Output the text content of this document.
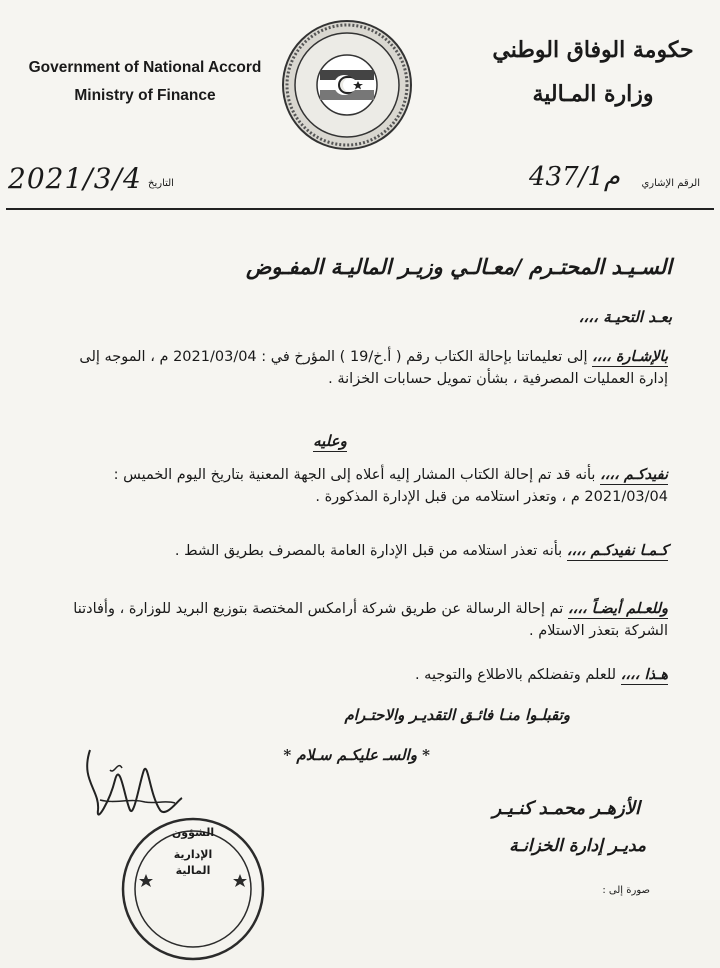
Government of National Accord
Ministry of Finance
حكومة الوفاق الوطني
وزارة المـالية
2021/3/4 التاريخ	الرقم الإشاري
437/1م
السـيـد المحتـرم /معـالـي وزيـر الماليـة المفـوض
بعـد التحيـة ،،،،
بالإشـارة ،،،، إلى تعليماتنا بإحالة الكتاب رقم ( أ.خ/19 ) المؤرخ في : 2021/03/04 م ، الموجه إلى إدارة العمليات المصرفية ، بشأن تمويل حسابات الخزانة .
وعليه
نفيدكـم ،،،، بأنه قد تم إحالة الكتاب المشار إليه أعلاه إلى الجهة المعنية بتاريخ اليوم الخميس : 2021/03/04 م ، وتعذر استلامه من قبل الإدارة المذكورة .
كـمـا نفيدكـم ،،،، بأنه تعذر استلامه من قبل الإدارة العامة بالمصرف بطريق الشط .
وللعـلم أيضـاً ،،،، تم إحالة الرسالة عن طريق شركة أرامكس المختصة بتوزيع البريد للوزارة ، وأفادتنا الشركة بتعذر الاستلام .
هـذا ،،،، للعلم وتفضلكم بالاطلاع والتوجيه .
وتقبلـوا منـا فائـق التقديـر والاحتـرام
* والسـ عليكـم سـلام *
الأزهـر محمـد كنـيـر
مديـر إدارة الخزانـة
الشؤون
الإدارية
المالية
صورة إلى :
